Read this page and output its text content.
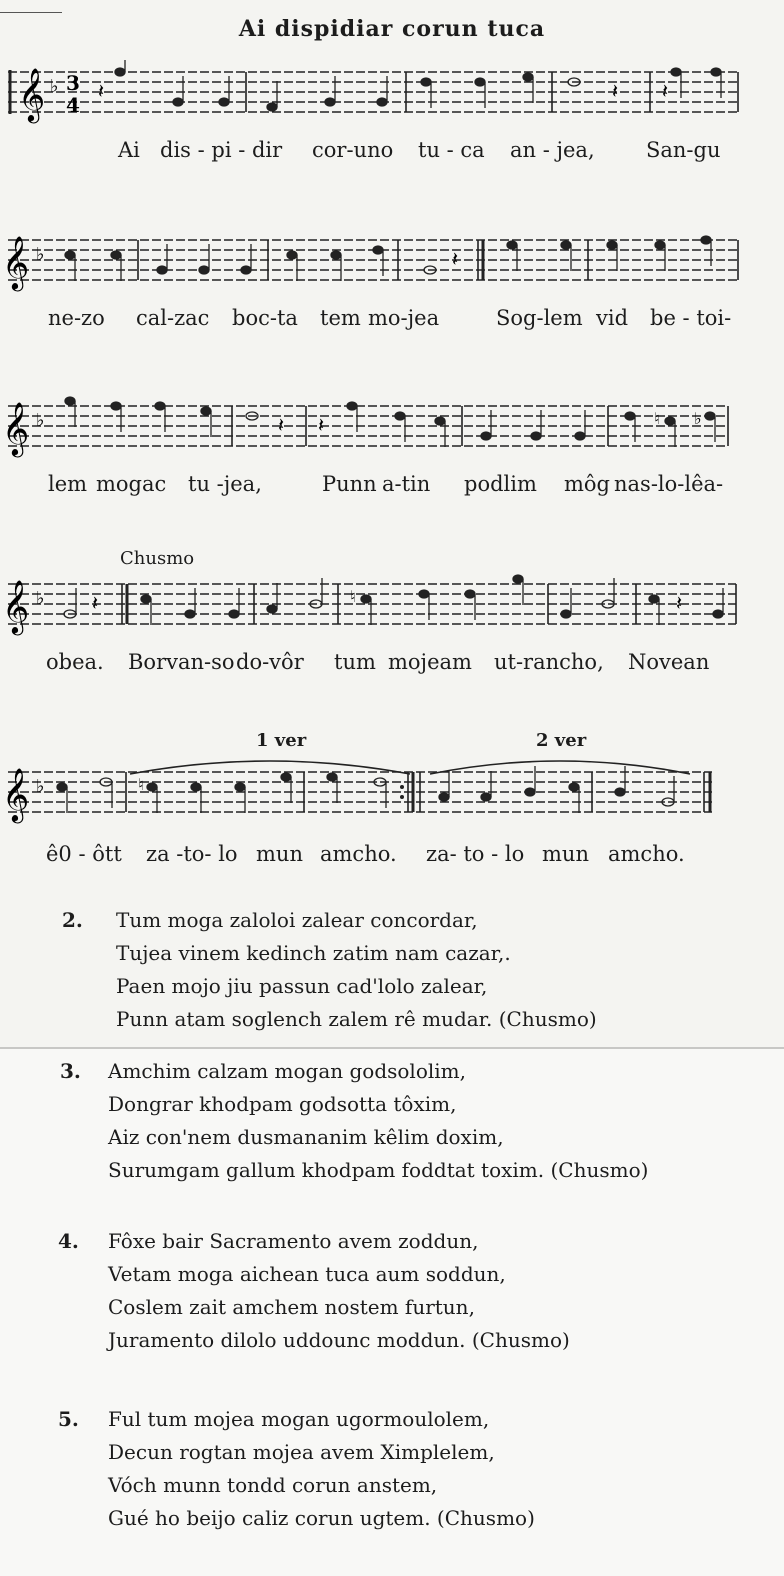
Ai dispidiar corun tuca
𝄞 ♭ 3
4
𝄽	𝄽 𝄽

Ai

dis - pi - dir

cor-uno

tu - ca

an - jea,

San-gu

𝄞 ♭	𝄽

ne-zo

cal-zac

boc-ta

tem

mo-jea

	Sog-lem

vid

be - toi-

𝄞 ♭	𝄽 𝄽	♮ ♭

lem

mogac

tu -jea,

	Punn

a-tin

podlim

môg

nas-lo-lêa-

Chusmo
𝄞 ♭ 𝄽	𝄽
♮

obea.

Borvan-so

do-vôr

tum

mojeam

ut-rancho,

Novean

1 ver	2 ver
𝄞 ♭	♮

ê0 - ôtt

za -to- lo

mun

amcho.

za- to - lo

mun

amcho.

2. Tum moga zaloloi zalear concordar,
Tujea vinem kedinch zatim nam cazar,.
Paen mojo jiu passun cad'lolo zalear,
Punn atam soglench zalem rê mudar. (Chusmo)
3. Amchim calzam mogan godsololim,
Dongrar khodpam godsotta tôxim,
Aiz con'nem dusmananim kêlim doxim,
Surumgam gallum khodpam foddtat toxim. (Chusmo)
4. Fôxe bair Sacramento avem zoddun,
Vetam moga aichean tuca aum soddun,
Coslem zait amchem nostem furtun,
Juramento dilolo uddounc moddun. (Chusmo)
5. Ful tum mojea mogan ugormoulolem,
Decun rogtan mojea avem Ximplelem,
Vóch munn tondd corun anstem,
Gué ho beijo caliz corun ugtem. (Chusmo)
